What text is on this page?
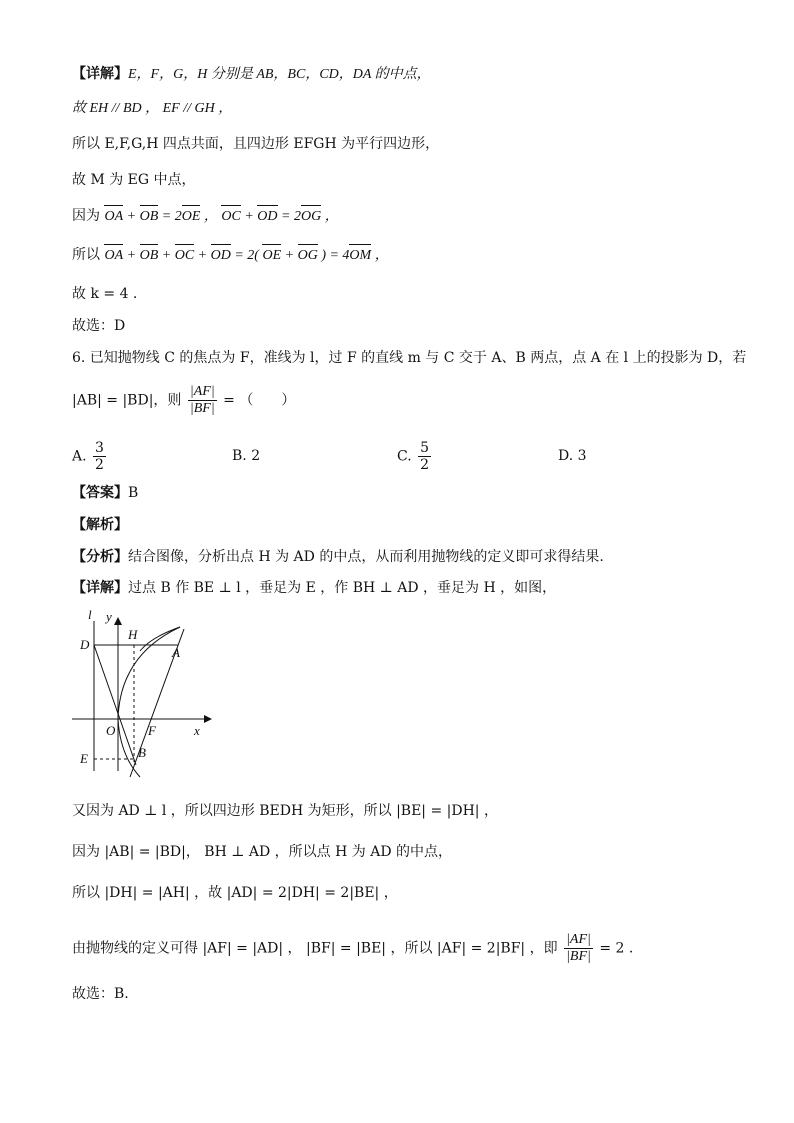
【详解】E，F，G，H 分别是 AB，BC，CD，DA 的中点，
故 EH // BD ， EF // GH ，
所以 E,F,G,H 四点共面，且四边形 EFGH 为平行四边形，
故 M 为 EG 中点，
因为 OA + OB = 2OE ， OC + OD = 2OG ，
所以 OA + OB + OC + OD = 2( OE + OG ) = 4OM ，
故 k = 4 .
故选：D
6. 已知抛物线 C 的焦点为 F，准线为 l，过 F 的直线 m 与 C 交于 A、B 两点，点 A 在 l 上的投影为 D，若
|AB| = |BD|，则 $\frac{|AF|}{|BF|}$ = （　　）
A. $\frac{3}{2}$	B. 2	C. $\frac{5}{2}$	D. 3
【答案】B
【解析】
【分析】结合图像，分析出点 H 为 AD 的中点，从而利用抛物线的定义即可求得结果.
【详解】过点 B 作 BE ⊥ l ，垂足为 E ，作 BH ⊥ AD ，垂足为 H ，如图，
l y
D
H
A
O	F	x
E	B
又因为 AD ⊥ l ，所以四边形 BEDH 为矩形，所以 |BE| = |DH| ，
因为 |AB| = |BD|， BH ⊥ AD ，所以点 H 为 AD 的中点，
所以 |DH| = |AH| ，故 |AD| = 2|DH| = 2|BE| ，
由抛物线的定义可得 |AF| = |AD| ， |BF| = |BE| ，所以 |AF| = 2|BF| ，即 $\frac{|AF|}{|BF|} = 2$ .
故选：B.
